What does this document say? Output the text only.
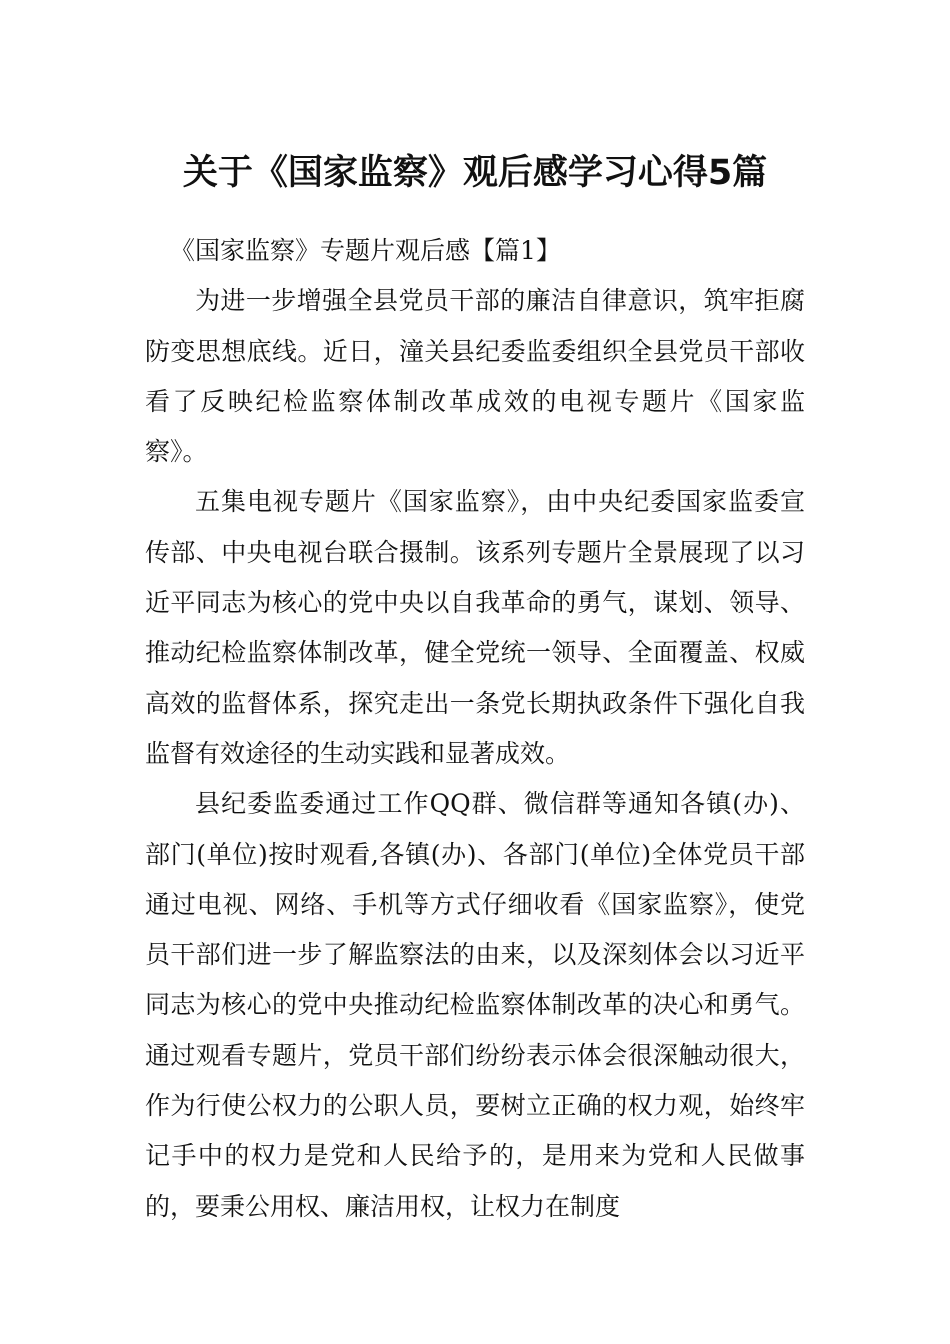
关于《国家监察》观后感学习心得5篇

《国家监察》专题片观后感【篇1】

为进一步增强全县党员干部的廉洁自律意识，筑牢拒腐防变思想底线。近日，潼关县纪委监委组织全县党员干部收看了反映纪检监察体制改革成效的电视专题片《国家监察》。

五集电视专题片《国家监察》，由中央纪委国家监委宣传部、中央电视台联合摄制。该系列专题片全景展现了以习近平同志为核心的党中央以自我革命的勇气，谋划、领导、推动纪检监察体制改革，健全党统一领导、全面覆盖、权威高效的监督体系，探究走出一条党长期执政条件下强化自我监督有效途径的生动实践和显著成效。

县纪委监委通过工作QQ群、微信群等通知各镇(办)、部门(单位)按时观看,各镇(办)、各部门(单位)全体党员干部通过电视、网络、手机等方式仔细收看《国家监察》，使党员干部们进一步了解监察法的由来，以及深刻体会以习近平同志为核心的党中央推动纪检监察体制改革的决心和勇气。通过观看专题片，党员干部们纷纷表示体会很深触动很大，作为行使公权力的公职人员，要树立正确的权力观，始终牢记手中的权力是党和人民给予的，是用来为党和人民做事的，要秉公用权、廉洁用权，让权力在制度
